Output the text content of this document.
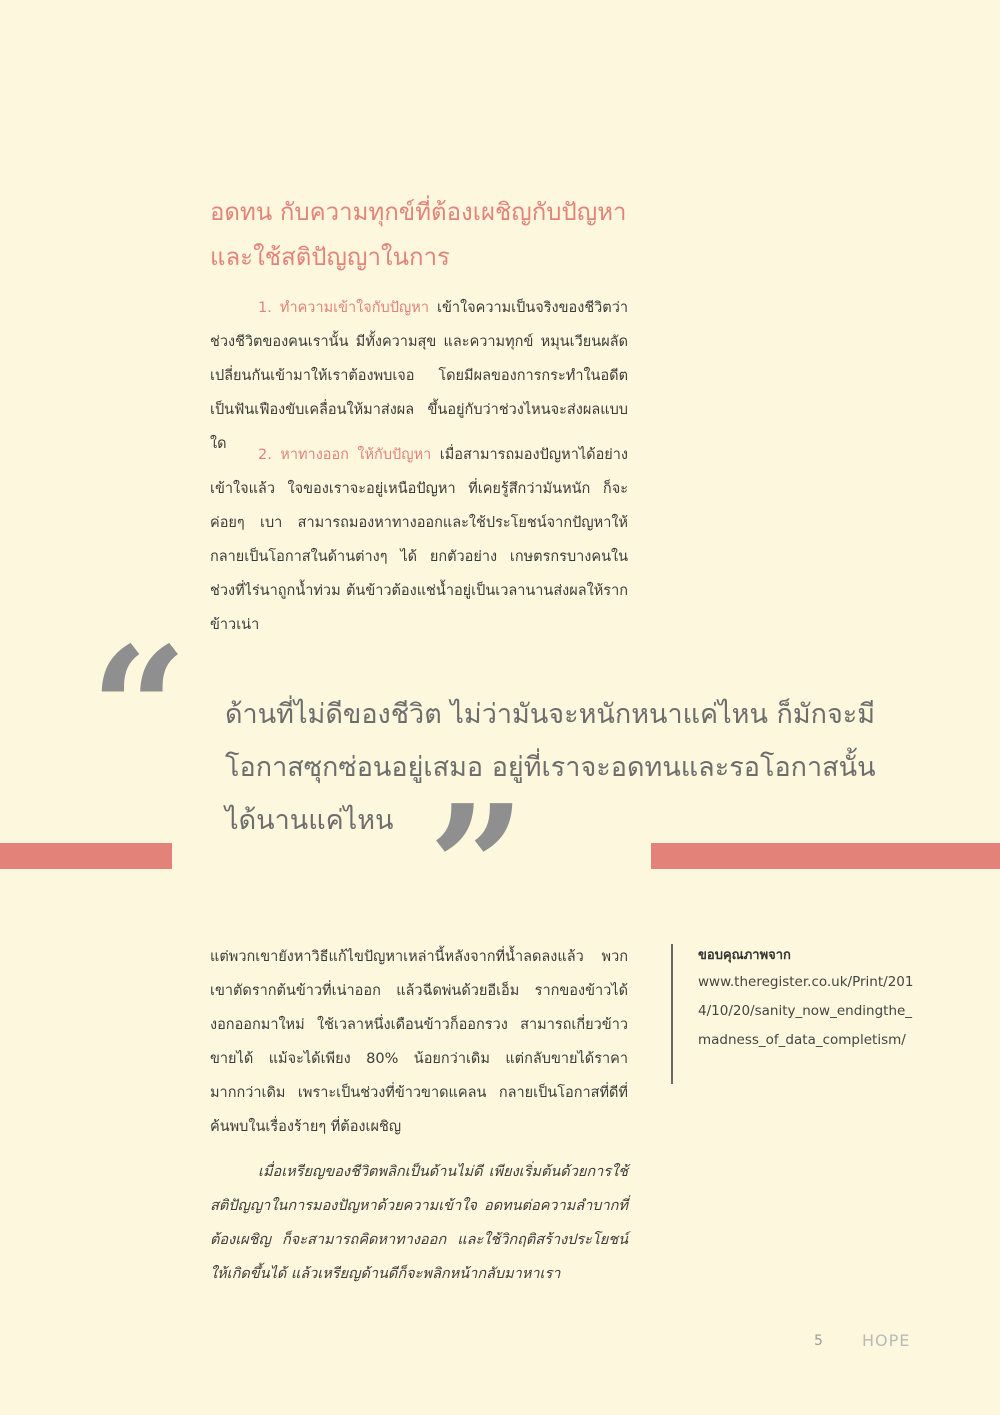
อดทน กับความทุกข์ที่ต้องเผชิญกับปัญหา
และใช้สติปัญญาในการ

1. ทำความเข้าใจกับปัญหา เข้าใจความเป็นจริงของชีวิตว่าช่วงชีวิตของคนเรานั้น มีทั้งความสุข และความทุกข์ หมุนเวียนผลัดเปลี่ยนกันเข้ามาให้เราต้องพบเจอ โดยมีผลของการกระทำในอดีตเป็นฟันเฟืองขับเคลื่อนให้มาส่งผล ขึ้นอยู่กับว่าช่วงไหนจะส่งผลแบบใด

2. หาทางออก ให้กับปัญหา เมื่อสามารถมองปัญหาได้อย่างเข้าใจแล้ว ใจของเราจะอยู่เหนือปัญหา ที่เคยรู้สึกว่ามันหนัก ก็จะค่อยๆ เบา สามารถมองหาทางออกและใช้ประโยชน์จากปัญหาให้กลายเป็นโอกาสในด้านต่างๆ ได้ ยกตัวอย่าง เกษตรกรบางคนในช่วงที่ไร่นาถูกน้ำท่วม ต้นข้าวต้องแช่น้ำอยู่เป็นเวลานานส่งผลให้รากข้าวเน่า

“ ด้านที่ไม่ดีของชีวิต ไม่ว่ามันจะหนักหนาแค่ไหน ก็มักจะมีโอกาสซุกซ่อนอยู่เสมอ อยู่ที่เราจะอดทนและรอโอกาสนั้นได้นานแค่ไหน ”

แต่พวกเขายังหาวิธีแก้ไขปัญหาเหล่านี้หลังจากที่น้ำลดลงแล้ว พวกเขาตัดรากต้นข้าวที่เน่าออก แล้วฉีดพ่นด้วยอีเอ็ม รากของข้าวได้งอกออกมาใหม่ ใช้เวลาหนึ่งเดือนข้าวก็ออกรวง สามารถเกี่ยวข้าวขายได้ แม้จะได้เพียง 80% น้อยกว่าเดิม แต่กลับขายได้ราคามากกว่าเดิม เพราะเป็นช่วงที่ข้าวขาดแคลน กลายเป็นโอกาสที่ดีที่ค้นพบในเรื่องร้ายๆ ที่ต้องเผชิญ

เมื่อเหรียญของชีวิตพลิกเป็นด้านไม่ดี เพียงเริ่มต้นด้วยการใช้สติปัญญาในการมองปัญหาด้วยความเข้าใจ อดทนต่อความลำบากที่ต้องเผชิญ ก็จะสามารถคิดหาทางออก และใช้วิกฤติสร้างประโยชน์ให้เกิดขึ้นได้ แล้วเหรียญด้านดีก็จะพลิกหน้ากลับมาหาเรา

ขอบคุณภาพจาก

www.theregister.co.uk/Print/2014/10/20/sanity_now_endingthe_madness_of_data_completism/

5 HOPE
